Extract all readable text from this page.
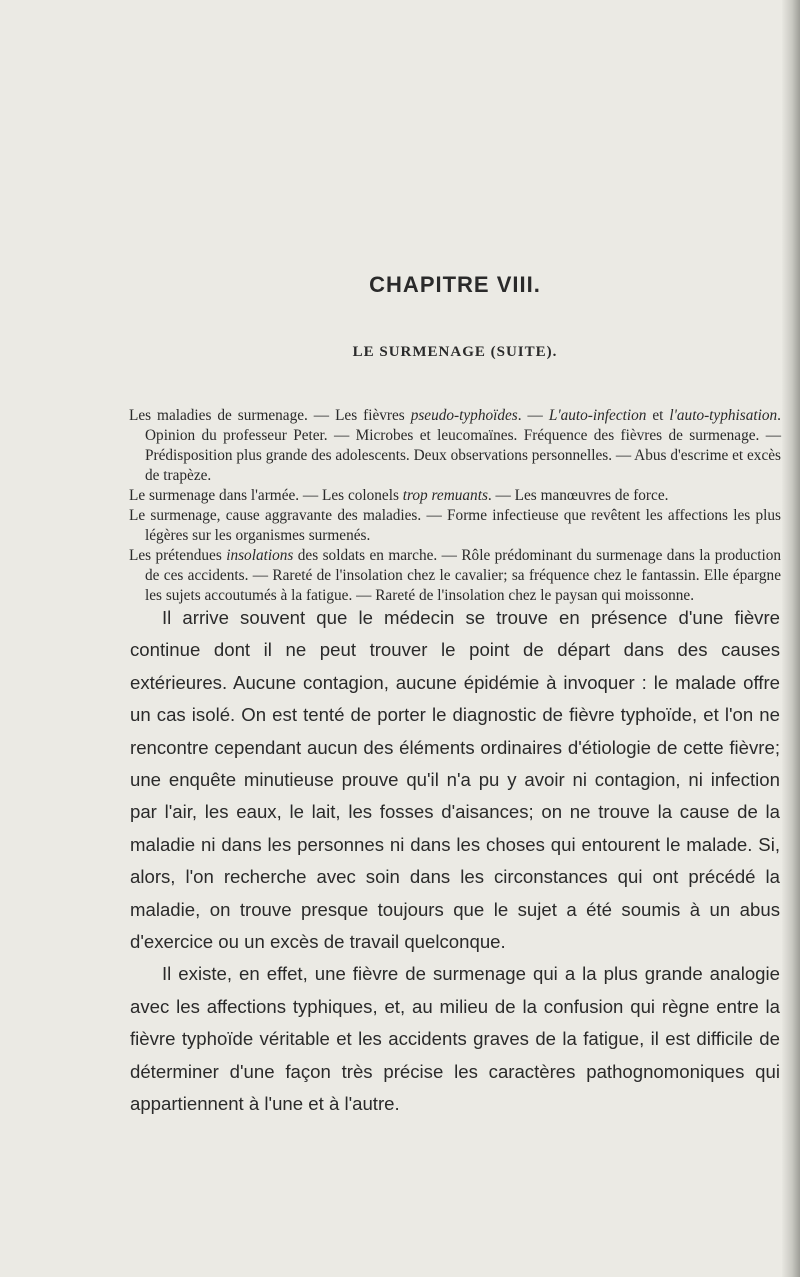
CHAPITRE VIII.
LE SURMENAGE (SUITE).

Les maladies de surmenage. — Les fièvres pseudo-typhoïdes. — L'auto-infection et l'auto-typhisation. Opinion du professeur Peter. — Microbes et leucomaïnes. Fréquence des fièvres de surmenage. — Prédisposition plus grande des adolescents. Deux observations personnelles. — Abus d'escrime et excès de trapèze.

Le surmenage dans l'armée. — Les colonels trop remuants. — Les manœuvres de force.

Le surmenage, cause aggravante des maladies. — Forme infectieuse que revêtent les affections les plus légères sur les organismes surmenés.

Les prétendues insolations des soldats en marche. — Rôle prédominant du surmenage dans la production de ces accidents. — Rareté de l'insolation chez le cavalier; sa fréquence chez le fantassin. Elle épargne les sujets accoutumés à la fatigue. — Rareté de l'insolation chez le paysan qui moissonne.

Il arrive souvent que le médecin se trouve en présence d'une fièvre continue dont il ne peut trouver le point de départ dans des causes extérieures. Aucune contagion, aucune épidémie à invoquer : le malade offre un cas isolé. On est tenté de porter le diagnostic de fièvre typhoïde, et l'on ne rencontre cependant aucun des éléments ordinaires d'étiologie de cette fièvre; une enquête minutieuse prouve qu'il n'a pu y avoir ni contagion, ni infection par l'air, les eaux, le lait, les fosses d'aisances; on ne trouve la cause de la maladie ni dans les personnes ni dans les choses qui entourent le malade. Si, alors, l'on recherche avec soin dans les circonstances qui ont précédé la maladie, on trouve presque toujours que le sujet a été soumis à un abus d'exercice ou un excès de travail quelconque.

Il existe, en effet, une fièvre de surmenage qui a la plus grande analogie avec les affections typhiques, et, au milieu de la confusion qui règne entre la fièvre typhoïde véritable et les accidents graves de la fatigue, il est difficile de déterminer d'une façon très précise les caractères pathognomoniques qui appartiennent à l'une et à l'autre.
